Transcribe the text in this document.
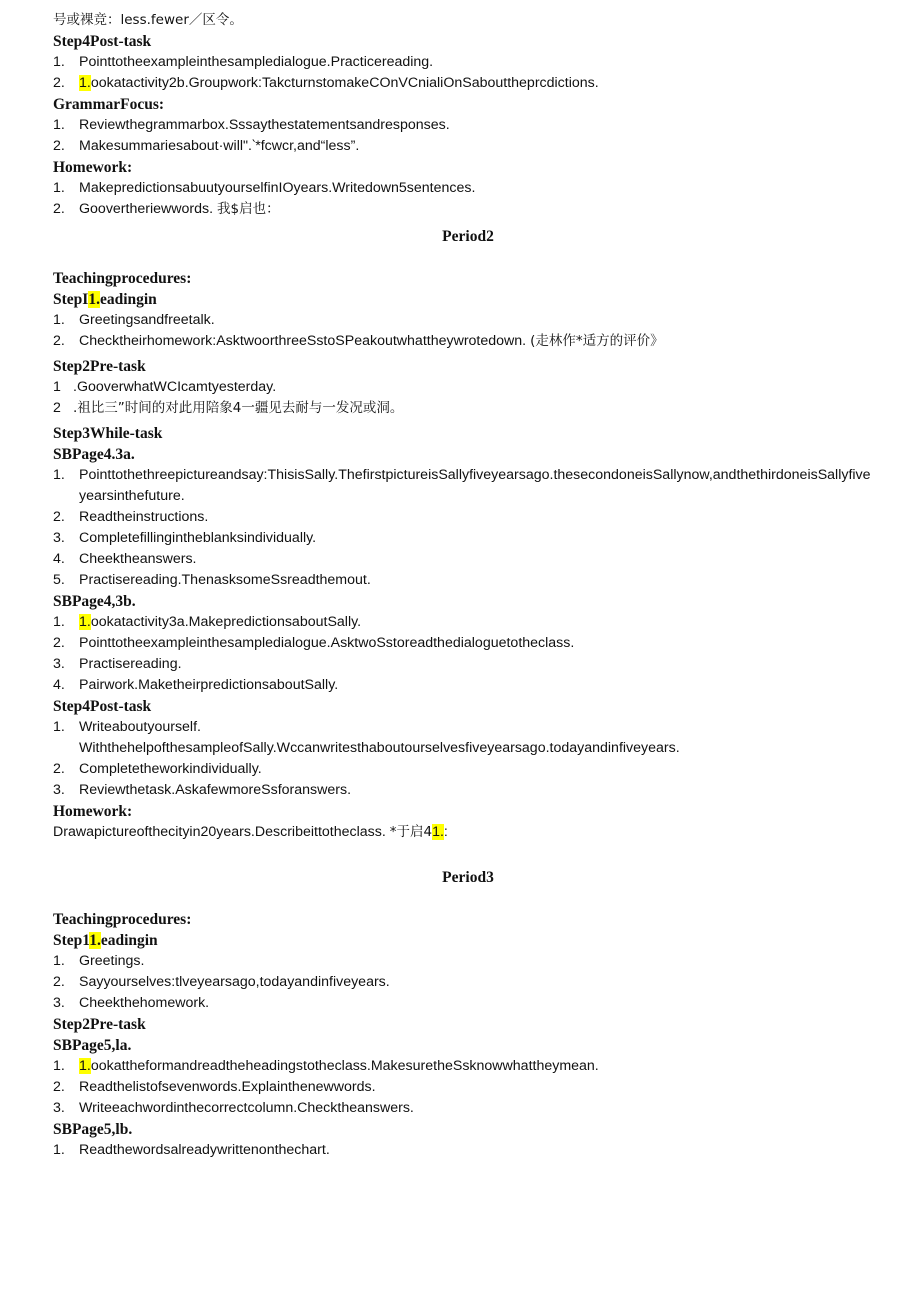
号或裸竞：less.fewer／区令。
Step4Post-task
1. Pointtotheexampleinthesampledialogue.Practicereading.
2. 1.ookatactivity2b.Groupwork:TakcturnstomakeCOnVCnialiOnSabouttheprcdictions.
GrammarFocus:
1. Reviewthegrammarbox.Sssaythestatementsandresponses.
2. Makesummariesabout·will".‵*fcwcr,and“less”.
Homework:
1. MakepredictionsabuutyourselfinIOyears.Writedown5sentences.
2. Goovertheriewwords. 我$启也：
Period2
Teachingprocedures:
StepI1.eadingin
1. Greetingsandfreetalk.
2. Checktheirhomework:AsktwoorthreeSstoSPeakoutwhattheywrotedown. (走林作*适方的评价》
Step2Pre-task
1 .GooverwhatWCIcamtyesterday.
2 .祖比三”时间的对此用陪象4一疆见去耐与一发况或洞。
Step3While-task
SBPage4.3a.
1. Pointtothethreepictureandsay:ThisisSally.ThefirstpictureisSallyfiveyearsago.thesecondoneisSallynow,andthethirdoneisSallyfiveyearsinthefuture.
2. Readtheinstructions.
3. Completefillingintheblanksindividually.
4. Cheektheanswers.
5. Practisereading.ThenasksomeSsreadthemout.
SBPage4,3b.
1. 1.ookatactivity3a.MakepredictionsaboutSally.
2. Pointtotheexampleinthesampledialogue.AsktwoSstoreadthedialoguetotheclass.
3. Practisereading.
4. Pairwork.MaketheirpredictionsaboutSally.
Step4Post-task
1. Writeaboutyourself.
WiththehelpofthesampleofSally.Wccanwritesthaboutourselvesfiveyearsago.todayandinfiveyears.
2. Completetheworkindividually.
3. Reviewthetask.AskafewmoreSsforanswers.
Homework:
Drawapictureofthecityin20years.Describeittotheclass. *于启41.:
Period3
Teachingprocedures:
Step11.eadingin
1. Greetings.
2. Sayyourselves:tlveyearsago,todayandinfiveyears.
3. Cheekthehomework.
Step2Pre-task
SBPage5,la.
1. 1.ookattheformandreadtheheadingstotheclass.MakesuretheSsknowwhattheymean.
2. Readthelistofsevenwords.Explainthenewwords.
3. Writeeachwordinthecorrectcolumn.Checktheanswers.
SBPage5,lb.
1. Readthewordsalreadywrittenonthechart.
